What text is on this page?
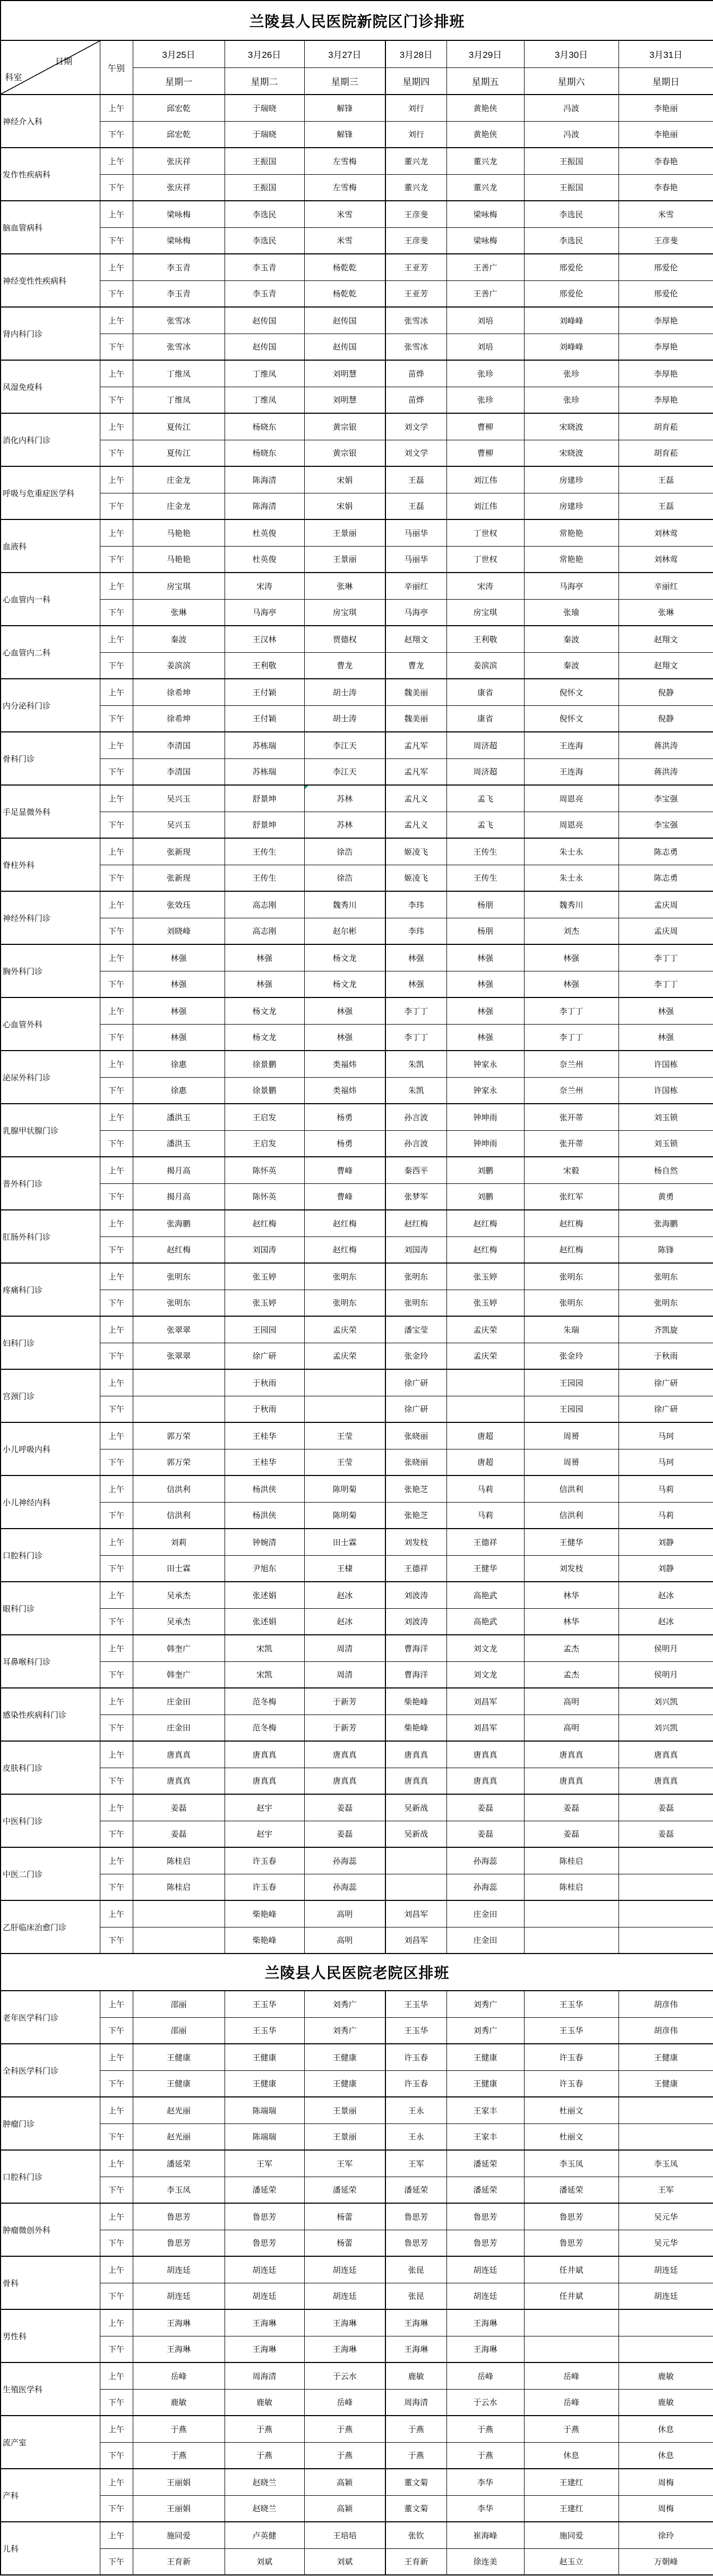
兰陵县人民医院新院区门诊排班								

日期
科室	午别	3月25日	3月26日	3月27日	3月28日	3月29日	3月30日	3月31日
		星期一	星期二	星期三	星期四	星期五	星期六	星期日
神经介入科	上午	邱宏乾	于瑞晓	解锋	刘行	黄艳侠	冯波	李艳丽
	下午	邱宏乾	于瑞晓	解锋	刘行	黄艳侠	冯波	李艳丽
发作性疾病科	上午	张庆祥	王振国	左雪梅	董兴龙	董兴龙	王振国	李春艳
	下午	张庆祥	王振国	左雪梅	董兴龙	董兴龙	王振国	李春艳
脑血管病科	上午	梁咏梅	李选民	米雪	王彦斐	梁咏梅	李选民	米雪
	下午	梁咏梅	李选民	米雪	王彦斐	梁咏梅	李选民	王彦斐
神经变性性疾病科	上午	李玉青	李玉青	杨乾乾	王亚芳	王善广	邢爱伦	邢爱伦
	下午	李玉青	李玉青	杨乾乾	王亚芳	王善广	邢爱伦	邢爱伦
肾内科门诊	上午	张雪冰	赵传国	赵传国	张雪冰	刘培	刘峰峰	李厚艳
	下午	张雪冰	赵传国	赵传国	张雪冰	刘培	刘峰峰	李厚艳
风湿免疫科	上午	丁维凤	丁维凤	刘明慧	苗烨	张珍	张珍	李厚艳
	下午	丁维凤	丁维凤	刘明慧	苗烨	张珍	张珍	李厚艳
消化内科门诊	上午	夏传江	杨晓东	黄宗银	刘文学	曹柳	宋晓波	胡育菘
	下午	夏传江	杨晓东	黄宗银	刘文学	曹柳	宋晓波	胡育菘
呼吸与危重症医学科	上午	庄金龙	陈海清	宋娟	王磊	刘江伟	房建珍	王磊
	下午	庄金龙	陈海清	宋娟	王磊	刘江伟	房建珍	王磊
血液科	上午	马艳艳	杜英俊	王景丽	马丽华	丁世权	常艳艳	刘林莺
	下午	马艳艳	杜英俊	王景丽	马丽华	丁世权	常艳艳	刘林莺
心血管内一科	上午	房宝琪	宋涛	张琳	辛丽红	宋涛	马海亭	辛丽红
	下午	张琳	马海亭	房宝琪	马海亭	房宝琪	张瑜	张琳
心血管内二科	上午	秦波	王汉林	贾德权	赵翔文	王利敬	秦波	赵翔文
	下午	姜滨滨	王利敬	曹龙	曹龙	姜滨滨	秦波	赵翔文
内分泌科门诊	上午	徐希坤	王付颖	胡士涛	魏美丽	康省	倪怀文	倪静
	下午	徐希坤	王付颖	胡士涛	魏美丽	康省	倪怀文	倪静
骨科门诊	上午	李清国	苏栋瑞	李江天	孟凡军	周济超	王连海	蒋洪涛
	下午	李清国	苏栋瑞	李江天	孟凡军	周济超	王连海	蒋洪涛
手足显微外科	上午	吴兴玉	舒景坤	苏林	孟凡义	孟飞	周恩亮	李宝强
	下午	吴兴玉	舒景坤	苏林	孟凡义	孟飞	周恩亮	李宝强
脊柱外科	上午	张新现	王传生	徐浩	姬凌飞	王传生	朱士永	陈志勇
	下午	张新现	王传生	徐浩	姬凌飞	王传生	朱士永	陈志勇
神经外科门诊	上午	张效珏	高志刚	魏秀川	李玮	杨朋	魏秀川	孟庆周
	下午	刘晓峰	高志刚	赵尔彬	李玮	杨朋	刘杰	孟庆周
胸外科门诊	上午	林强	林强	杨文龙	林强	林强	林强	李丁丁
	下午	林强	林强	杨文龙	林强	林强	林强	李丁丁
心血管外科	上午	林强	杨文龙	林强	李丁丁	林强	李丁丁	林强
	下午	林强	杨文龙	林强	李丁丁	林强	李丁丁	林强
泌尿外科门诊	上午	徐惠	徐景鹏	类福炜	朱凯	钟家永	奈兰州	许国栋
	下午	徐惠	徐景鹏	类福炜	朱凯	钟家永	奈兰州	许国栋
乳腺甲状腺门诊	上午	潘洪玉	王启发	杨勇	孙言波	钟坤雨	张开蒂	刘玉锁
	下午	潘洪玉	王启发	杨勇	孙言波	钟坤雨	张开蒂	刘玉锁
普外科门诊	上午	揭月高	陈怀英	曹峰	秦西平	刘鹏	宋毅	杨自然
	下午	揭月高	陈怀英	曹峰	张梦军	刘鹏	张红军	黄勇
肛肠外科门诊	上午	张海鹏	赵红梅	赵红梅	赵红梅	赵红梅	赵红梅	张海鹏
	下午	赵红梅	刘国涛	赵红梅	刘国涛	赵红梅	赵红梅	陈锋
疼痛科门诊	上午	张明东	张玉婷	张明东	张明东	张玉婷	张明东	张明东
	下午	张明东	张玉婷	张明东	张明东	张玉婷	张明东	张明东
妇科门诊	上午	张翠翠	王园园	孟庆荣	潘宝莹	孟庆荣	朱瑞	齐凯旋
	下午	张翠翠	徐广研	孟庆荣	张金玲	孟庆荣	张金玲	于秋雨
宫颈门诊	上午		于秋雨		徐广研		王园园	徐广研
	下午		于秋雨		徐广研		王园园	徐广研
小儿呼吸内科	上午	郭万荣	王桂华	王莹	张晓丽	唐超	周赟	马珂
	下午	郭万荣	王桂华	王莹	张晓丽	唐超	周赟	马珂
小儿神经内科	上午	信洪利	杨洪侠	陈明菊	张艳芝	马莉	信洪利	马莉
	下午	信洪利	杨洪侠	陈明菊	张艳芝	马莉	信洪利	马莉
口腔科门诊	上午	刘莉	钟婉清	田士霖	刘发枝	王德祥	王健华	刘静
	下午	田士霖	尹旭东	王棣	王德祥	王健华	刘发枝	刘静
眼科门诊	上午	吴承杰	张述娟	赵冰	刘波涛	高艳武	林华	赵冰
	下午	吴承杰	张述娟	赵冰	刘波涛	高艳武	林华	赵冰
耳鼻喉科门诊	上午	韩奎广	宋凯	周清	曹海洋	刘文龙	孟杰	侯明月
	下午	韩奎广	宋凯	周清	曹海洋	刘文龙	孟杰	侯明月
感染性疾病科门诊	上午	庄金田	范冬梅	于新芳	柴艳峰	刘昌军	高明	刘兴凯
	下午	庄金田	范冬梅	于新芳	柴艳峰	刘昌军	高明	刘兴凯
皮肤科门诊	上午	唐真真	唐真真	唐真真	唐真真	唐真真	唐真真	唐真真
	下午	唐真真	唐真真	唐真真	唐真真	唐真真	唐真真	唐真真
中医科门诊	上午	姜磊	赵宇	姜磊	吴新战	姜磊	姜磊	姜磊
	下午	姜磊	赵宇	姜磊	吴新战	姜磊	姜磊	姜磊
中医二门诊	上午	陈桂启	许玉春	孙海蕊		孙海蕊	陈桂启	
	下午	陈桂启	许玉春	孙海蕊		孙海蕊	陈桂启	
乙肝临床治愈门诊	上午		柴艳峰	高明	刘昌军	庄金田		
	下午		柴艳峰	高明	刘昌军	庄金田		
兰陵县人民医院老院区排班								
老年医学科门诊	上午	邵丽	王玉华	刘秀广	王玉华	刘秀广	王玉华	胡彦伟
	下午	邵丽	王玉华	刘秀广	王玉华	刘秀广	王玉华	胡彦伟
全科医学科门诊	上午	王健康	王健康	王健康	许玉春	王健康	许玉春	王健康
	下午	王健康	王健康	王健康	许玉春	王健康	许玉春	王健康
肿瘤门诊	上午	赵光丽	陈端瑞	王景丽	王永	王家丰	杜丽文	
	下午	赵光丽	陈端瑞	王景丽	王永	王家丰	杜丽文	
口腔科门诊	上午	潘延荣	王军	王军	王军	潘延荣	李玉凤	李玉凤
	下午	李玉凤	潘延荣	潘延荣	潘延荣	潘延荣	潘延荣	王军
肿瘤微创外科	上午	鲁思芳	鲁思芳	杨蕾	鲁思芳	鲁思芳	鲁思芳	吴元华
	下午	鲁思芳	鲁思芳	杨蕾	鲁思芳	鲁思芳	鲁思芳	吴元华
骨科	上午	胡连廷	胡连廷	胡连廷	张昆	胡连廷	任井斌	胡连廷
	下午	胡连廷	胡连廷	胡连廷	张昆	胡连廷	任井斌	胡连廷
男性科	上午	王海琳	王海琳	王海琳	王海琳	王海琳		
	下午	王海琳	王海琳	王海琳	王海琳	王海琳		
生殖医学科	上午	岳峰	周海清	于云水	鹿敏	岳峰	岳峰	鹿敏
	下午	鹿敏	鹿敏	岳峰	周海清	于云水	岳峰	鹿敏
流产室	上午	于燕	于燕	于燕	于燕	于燕	于燕	休息
	下午	于燕	于燕	于燕	于燕	于燕	休息	休息
产科	上午	王丽娟	赵晓兰	高颖	董文菊	李华	王建红	周梅
	下午	王丽娟	赵晓兰	高颖	董文菊	李华	王建红	周梅
儿科	上午	施同爱	卢英健	王培培	张钦	崔海峰	施同爱	徐玲
	下午	王育新	刘斌	刘斌	王育新	徐连美	赵玉立	万朝峰
